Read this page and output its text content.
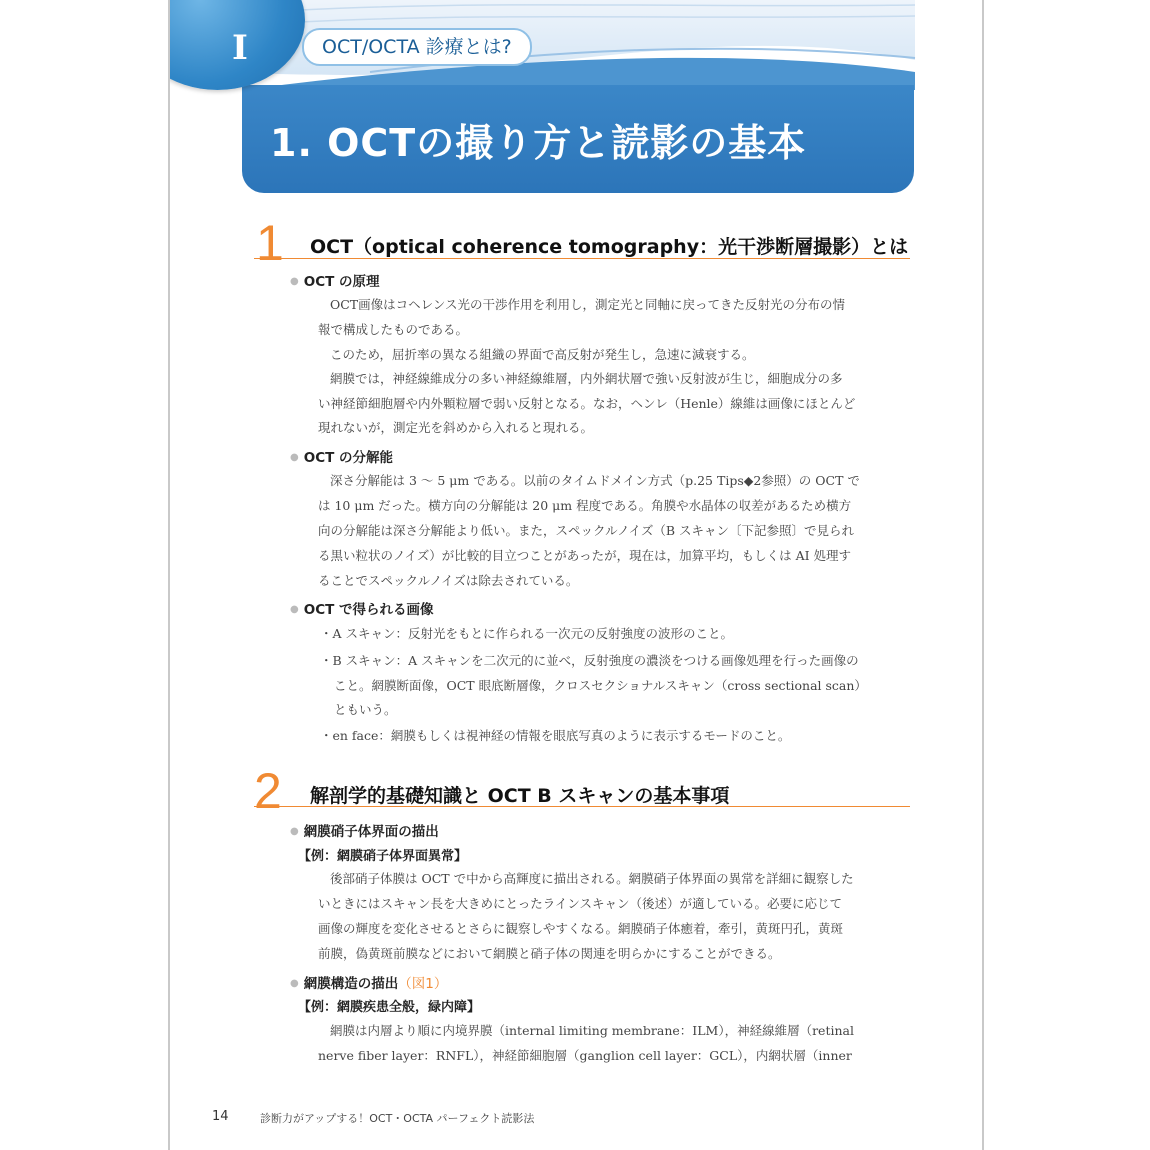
I	OCT/OCTA 診療とは?
1. OCTの撮り方と読影の基本
1 OCT（optical coherence tomography：光干渉断層撮影）とは
● OCT の原理
OCT画像はコヘレンス光の干渉作用を利用し，測定光と同軸に戻ってきた反射光の分布の情
報で構成したものである。
このため，屈折率の異なる組織の界面で高反射が発生し，急速に減衰する。
網膜では，神経線維成分の多い神経線維層，内外網状層で強い反射波が生じ，細胞成分の多
い神経節細胞層や内外顆粒層で弱い反射となる。なお，ヘンレ（Henle）線維は画像にほとんど
現れないが，測定光を斜めから入れると現れる。
● OCT の分解能
深さ分解能は 3 ～ 5 μm である。以前のタイムドメイン方式（p.25 Tips◆2参照）の OCT で
は 10 μm だった。横方向の分解能は 20 μm 程度である。角膜や水晶体の収差があるため横方
向の分解能は深さ分解能より低い。また，スペックルノイズ（B スキャン〔下記参照〕で見られ
る黒い粒状のノイズ）が比較的目立つことがあったが，現在は，加算平均，もしくは AI 処理す
ることでスペックルノイズは除去されている。
● OCT で得られる画像
・A スキャン：反射光をもとに作られる一次元の反射強度の波形のこと。
・B スキャン：A スキャンを二次元的に並べ，反射強度の濃淡をつける画像処理を行った画像の
こと。網膜断面像，OCT 眼底断層像，クロスセクショナルスキャン（cross sectional scan）
ともいう。
・en face：網膜もしくは視神経の情報を眼底写真のように表示するモードのこと。
2 解剖学的基礎知識と OCT B スキャンの基本事項
● 網膜硝子体界面の描出
【例：網膜硝子体界面異常】
後部硝子体膜は OCT で中から高輝度に描出される。網膜硝子体界面の異常を詳細に観察した
いときにはスキャン長を大きめにとったラインスキャン（後述）が適している。必要に応じて
画像の輝度を変化させるとさらに観察しやすくなる。網膜硝子体癒着，牽引，黄斑円孔，黄斑
前膜，偽黄斑前膜などにおいて網膜と硝子体の関連を明らかにすることができる。
● 網膜構造の描出（図1）
【例：網膜疾患全般，緑内障】
網膜は内層より順に内境界膜（internal limiting membrane：ILM），神経線維層（retinal
nerve fiber layer：RNFL），神経節細胞層（ganglion cell layer：GCL），内網状層（inner
14	診断力がアップする！OCT・OCTA パーフェクト読影法
